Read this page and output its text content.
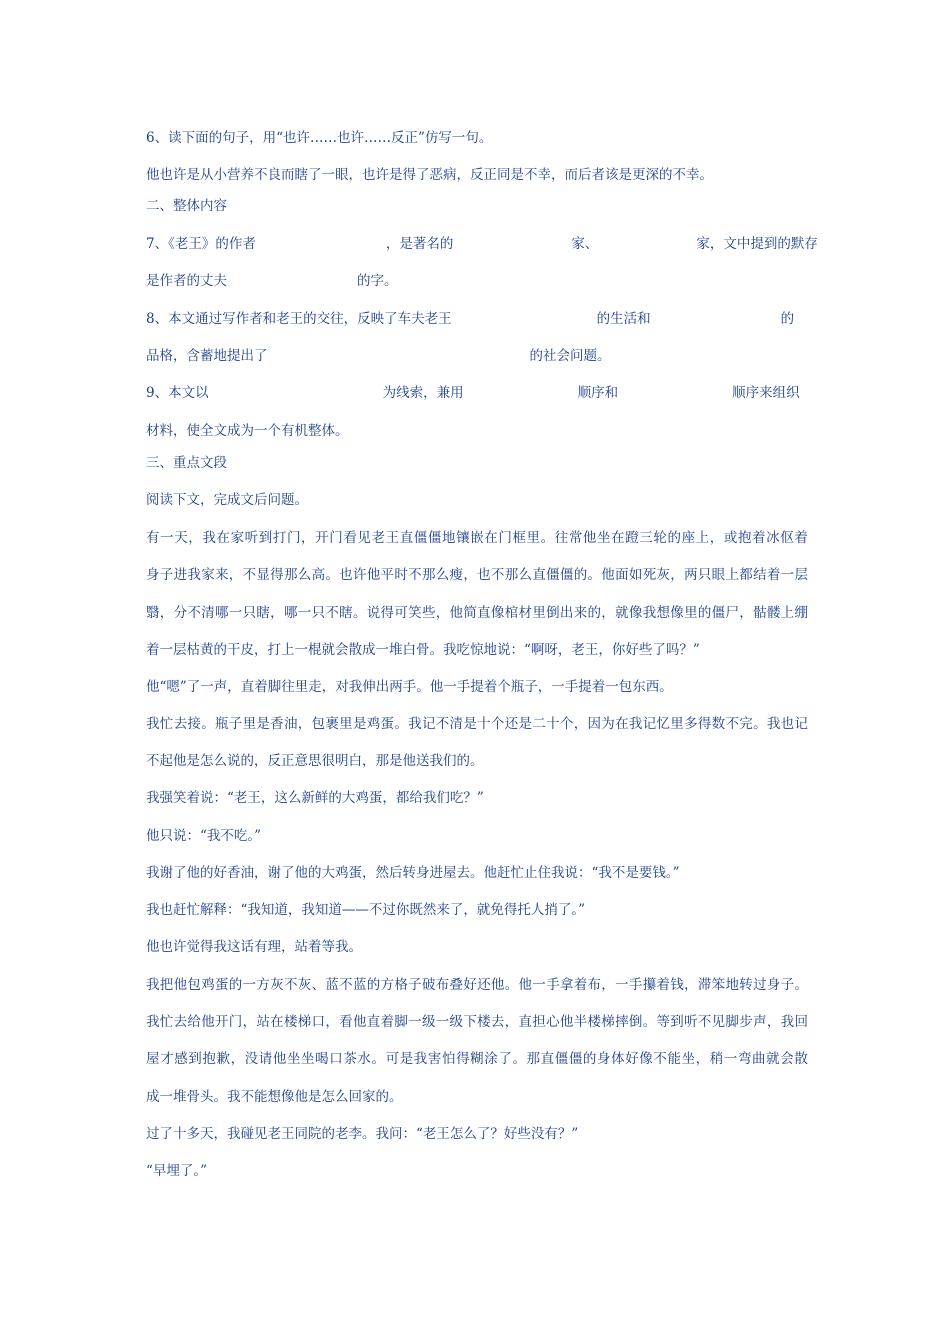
6、读下面的句子，用“也许……也许……反正”仿写一句。
他也许是从小营养不良而瞎了一眼，也许是得了恶病，反正同是不幸，而后者该是更深的不幸。
二、整体内容
7、《老王》的作者	，是著名的	家、	家，文中提到的默存
是作者的丈夫	的字。
8、本文通过写作者和老王的交往，反映了车夫老王	的生活和	的
品格，含蓄地提出了	的社会问题。
9、本文以	为线索，兼用	顺序和	顺序来组织
材料，使全文成为一个有机整体。
三、重点文段
阅读下文，完成文后问题。
有 一 天 ， 我 在 家 听 到 打 门 ， 开 门 看 见 老 王 直 僵 僵 地 镶 嵌 在 门 框 里 。 往 常 他 坐 在 蹬 三 轮 的 座 上 ， 或 抱 着 冰 伛 着
身 子 进 我 家 来 ， 不 显 得 那 么 高 。 也 许 他 平 时 不 那 么 瘦 ， 也 不 那 么 直 僵 僵 的 。 他 面 如 死 灰 ， 两 只 眼 上 都 结 着 一 层
翳 ， 分 不 清 哪 一 只 瞎 ， 哪 一 只 不 瞎 。 说 得 可 笑 些 ， 他 简 直 像 棺 材 里 倒 出 来 的 ， 就 像 我 想 像 里 的 僵 尸 ， 骷 髅 上 绷
着一层枯黄的干皮，打上一棍就会散成一堆白骨。我吃惊地说：“啊呀，老王，你好些了吗？”
他“嗯”了一声，直着脚往里走，对我伸出两手。他一手提着个瓶子，一手提着一包东西。
我 忙 去 接 。 瓶 子 里 是 香 油 ， 包 裹 里 是 鸡 蛋 。 我 记 不 清 是 十 个 还 是 二 十 个 ， 因 为 在 我 记 忆 里 多 得 数 不 完 。 我 也 记
不起他是怎么说的，反正意思很明白，那是他送我们的。
我强笑着说：“老王，这么新鲜的大鸡蛋，都给我们吃？”
他只说：“我不吃。”
我谢了他的好香油，谢了他的大鸡蛋，然后转身进屋去。他赶忙止住我说：“我不是要钱。”
我也赶忙解释：“我知道，我知道——不过你既然来了，就免得托人捎了。”
他也许觉得我这话有理，站着等我。
我 把 他 包 鸡 蛋 的 一 方 灰 不 灰 、 蓝 不 蓝 的 方 格 子 破 布 叠 好 还 他 。 他 一 手 拿 着 布 ， 一 手 攥 着 钱 ， 滞 笨 地 转 过 身 子 。
我 忙 去 给 他 开 门 ， 站 在 楼 梯 口 ， 看 他 直 着 脚 一 级 一 级 下 楼 去 ， 直 担 心 他 半 楼 梯 摔 倒 。 等 到 听 不 见 脚 步 声 ， 我 回
屋 才 感 到 抱 歉 ， 没 请 他 坐 坐 喝 口 茶 水 。 可 是 我 害 怕 得 糊 涂 了 。 那 直 僵 僵 的 身 体 好 像 不 能 坐 ， 稍 一 弯 曲 就 会 散
成一堆骨头。我不能想像他是怎么回家的。
过了十多天，我碰见老王同院的老李。我问：“老王怎么了？好些没有？”
“早埋了。”
